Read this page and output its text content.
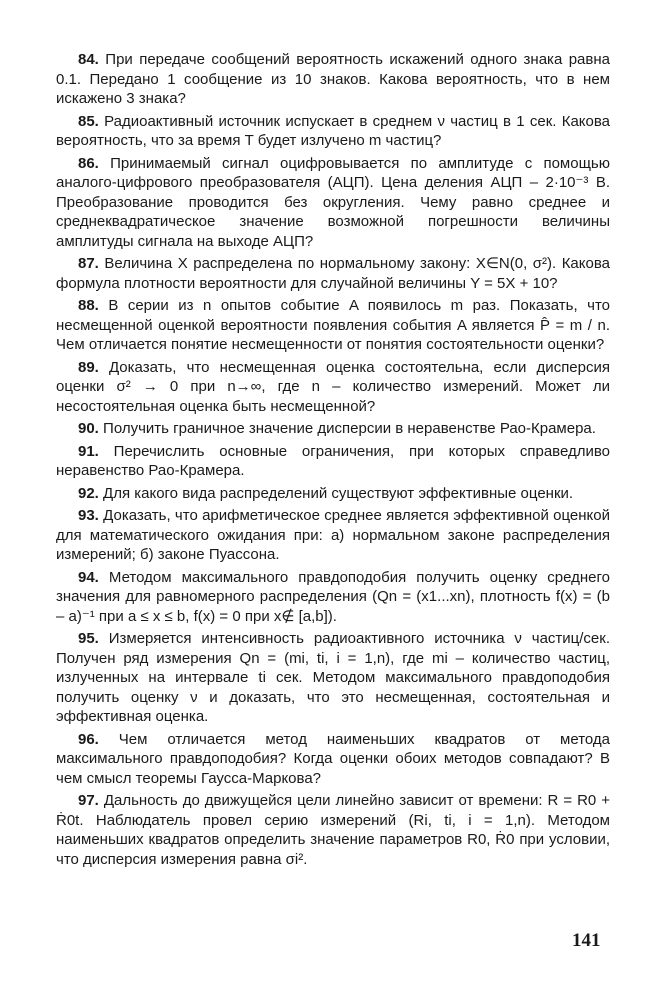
84. При передаче сообщений вероятность искажений одного знака равна 0.1. Передано 1 сообщение из 10 знаков. Какова вероятность, что в нем искажено 3 знака?

85. Радиоактивный источник испускает в среднем ν частиц в 1 сек. Какова вероятность, что за время T будет излучено m частиц?

86. Принимаемый сигнал оцифровывается по амплитуде с помощью аналого-цифрового преобразователя (АЦП). Цена деления АЦП – 2·10⁻³ В. Преобразование проводится без округления. Чему равно среднее и среднеквадратическое значение возможной погрешности величины амплитуды сигнала на выходе АЦП?

87. Величина X распределена по нормальному закону: X∈N(0, σ²). Какова формула плотности вероятности для случайной величины Y = 5X + 10?

88. В серии из n опытов событие A появилось m раз. Показать, что несмещенной оценкой вероятности появления события A является P̂ = m / n. Чем отличается понятие несмещенности от понятия состоятельности оценки?

89. Доказать, что несмещенная оценка состоятельна, если дисперсия оценки σ² → 0 при n→∞, где n – количество измерений. Может ли несостоятельная оценка быть несмещенной?

90. Получить граничное значение дисперсии в неравенстве Рао-Крамера.

91. Перечислить основные ограничения, при которых справедливо неравенство Рао-Крамера.

92. Для какого вида распределений существуют эффективные оценки.

93. Доказать, что арифметическое среднее является эффективной оценкой для математического ожидания при: а) нормальном законе распределения измерений; б) законе Пуассона.

94. Методом максимального правдоподобия получить оценку среднего значения для равномерного распределения (Qn = (x1...xn), плотность f(x) = (b – a)⁻¹ при a ≤ x ≤ b, f(x) = 0 при x∉ [a,b]).

95. Измеряется интенсивность радиоактивного источника ν частиц/сек. Получен ряд измерения Qn = (mi, ti, i = 1,n), где mi – количество частиц, излученных на интервале ti сек. Методом максимального правдоподобия получить оценку ν и доказать, что это несмещенная, состоятельная и эффективная оценка.

96. Чем отличается метод наименьших квадратов от метода максимального правдоподобия? Когда оценки обоих методов совпадают? В чем смысл теоремы Гаусса-Маркова?

97. Дальность до движущейся цели линейно зависит от времени: R = R0 + Ṙ0t. Наблюдатель провел серию измерений (Ri, ti, i = 1,n). Методом наименьших квадратов определить значение параметров R0, Ṙ0 при условии, что дисперсия измерения равна σi².

141
